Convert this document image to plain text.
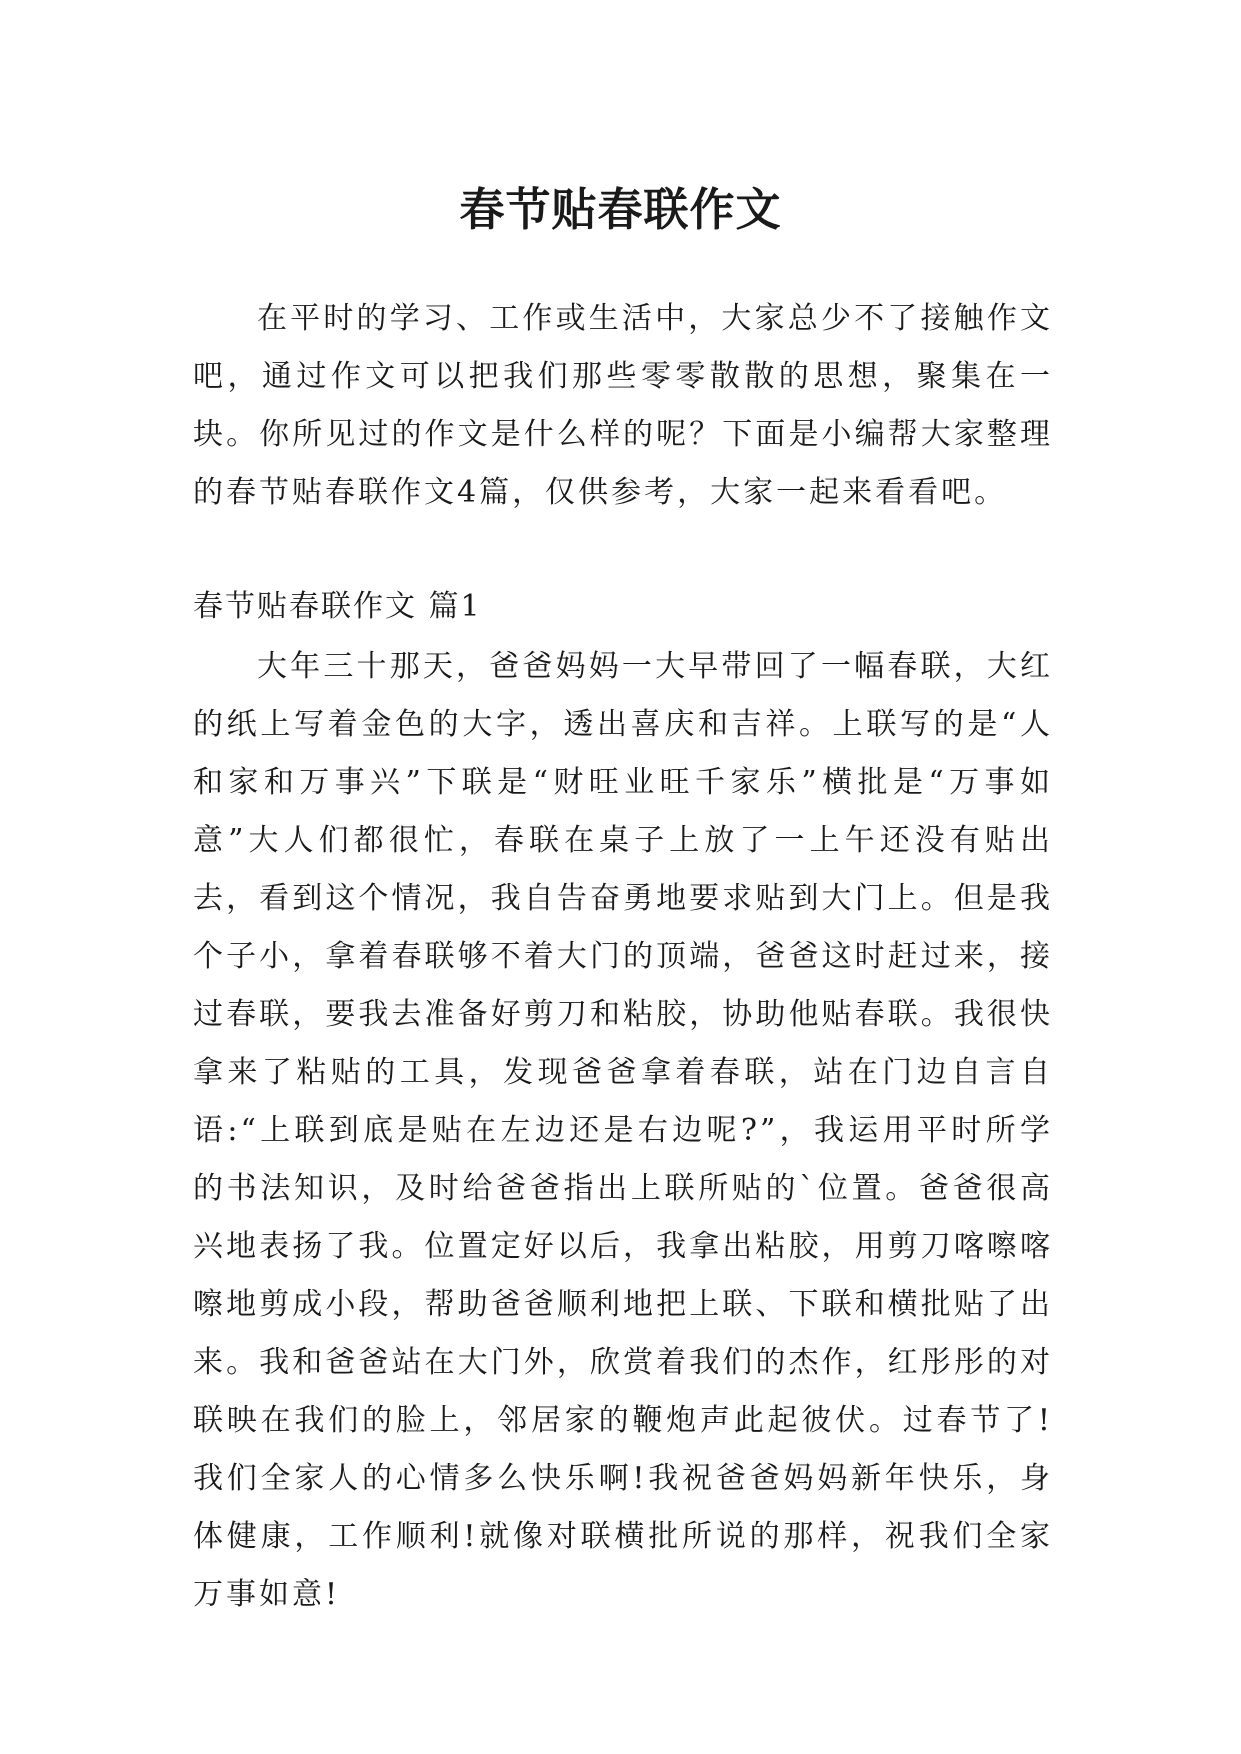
春节贴春联作文

在平时的学习、工作或生活中，大家总少不了接触作文吧，通过作文可以把我们那些零零散散的思想，聚集在一块。你所见过的作文是什么样的呢？下面是小编帮大家整理的春节贴春联作文4篇，仅供参考，大家一起来看看吧。

春节贴春联作文 篇1

大年三十那天，爸爸妈妈一大早带回了一幅春联，大红的纸上写着金色的大字，透出喜庆和吉祥。上联写的是“人和家和万事兴”下联是“财旺业旺千家乐”横批是“万事如意”大人们都很忙，春联在桌子上放了一上午还没有贴出去，看到这个情况，我自告奋勇地要求贴到大门上。但是我个子小，拿着春联够不着大门的顶端，爸爸这时赶过来，接过春联，要我去准备好剪刀和粘胶，协助他贴春联。我很快拿来了粘贴的工具，发现爸爸拿着春联，站在门边自言自语:“上联到底是贴在左边还是右边呢?”，我运用平时所学的书法知识，及时给爸爸指出上联所贴的`位置。爸爸很高兴地表扬了我。位置定好以后，我拿出粘胶，用剪刀喀嚓喀嚓地剪成小段，帮助爸爸顺利地把上联、下联和横批贴了出来。我和爸爸站在大门外，欣赏着我们的杰作，红彤彤的对联映在我们的脸上，邻居家的鞭炮声此起彼伏。过春节了!我们全家人的心情多么快乐啊!我祝爸爸妈妈新年快乐，身体健康，工作顺利!就像对联横批所说的那样，祝我们全家万事如意!
